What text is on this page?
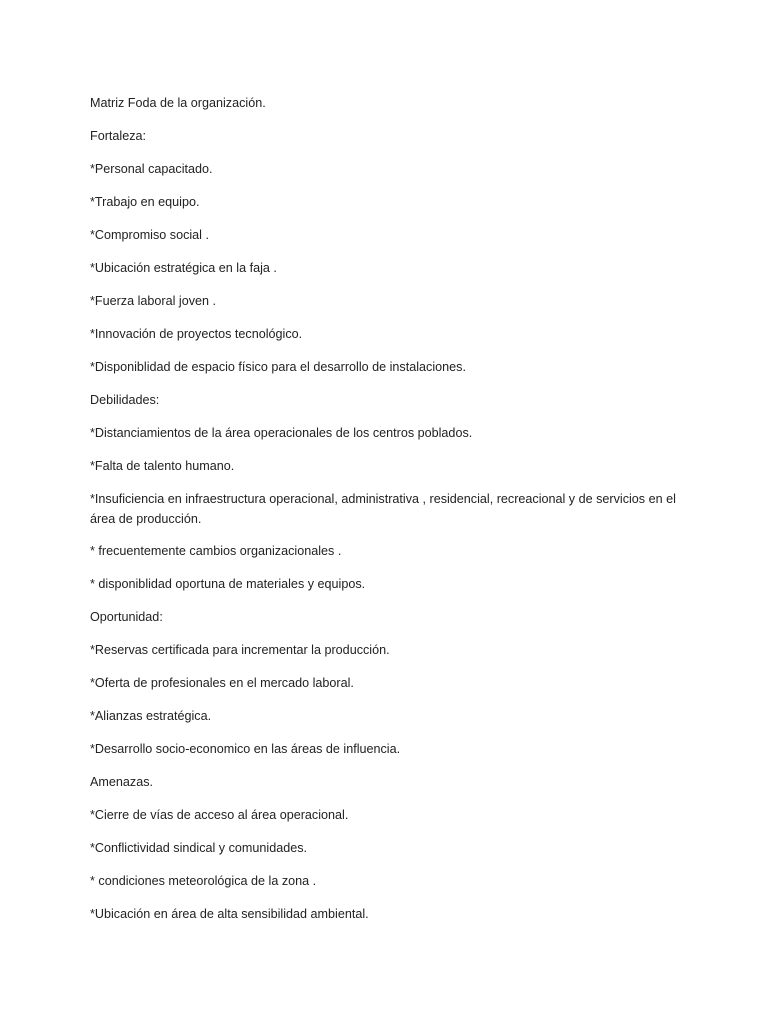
Matriz Foda de la organización.

Fortaleza:

*Personal capacitado.

*Trabajo en equipo.

*Compromiso social .

*Ubicación estratégica en la faja .

*Fuerza laboral joven .

*Innovación de proyectos tecnológico.

*Disponiblidad de espacio físico para el desarrollo de instalaciones.

Debilidades:

*Distanciamientos de la área operacionales de los centros poblados.

*Falta de talento humano.

*Insuficiencia en infraestructura operacional, administrativa , residencial, recreacional y de servicios en el área de producción.

* frecuentemente cambios organizacionales .

* disponiblidad oportuna de materiales y equipos.

Oportunidad:

*Reservas certificada para incrementar la producción.

*Oferta de profesionales en el mercado laboral.

*Alianzas estratégica.

*Desarrollo socio-economico en las áreas de influencia.

Amenazas.

*Cierre de vías de acceso al área operacional.

*Conflictividad sindical y comunidades.

* condiciones meteorológica de la zona .

*Ubicación en área de alta sensibilidad ambiental.
